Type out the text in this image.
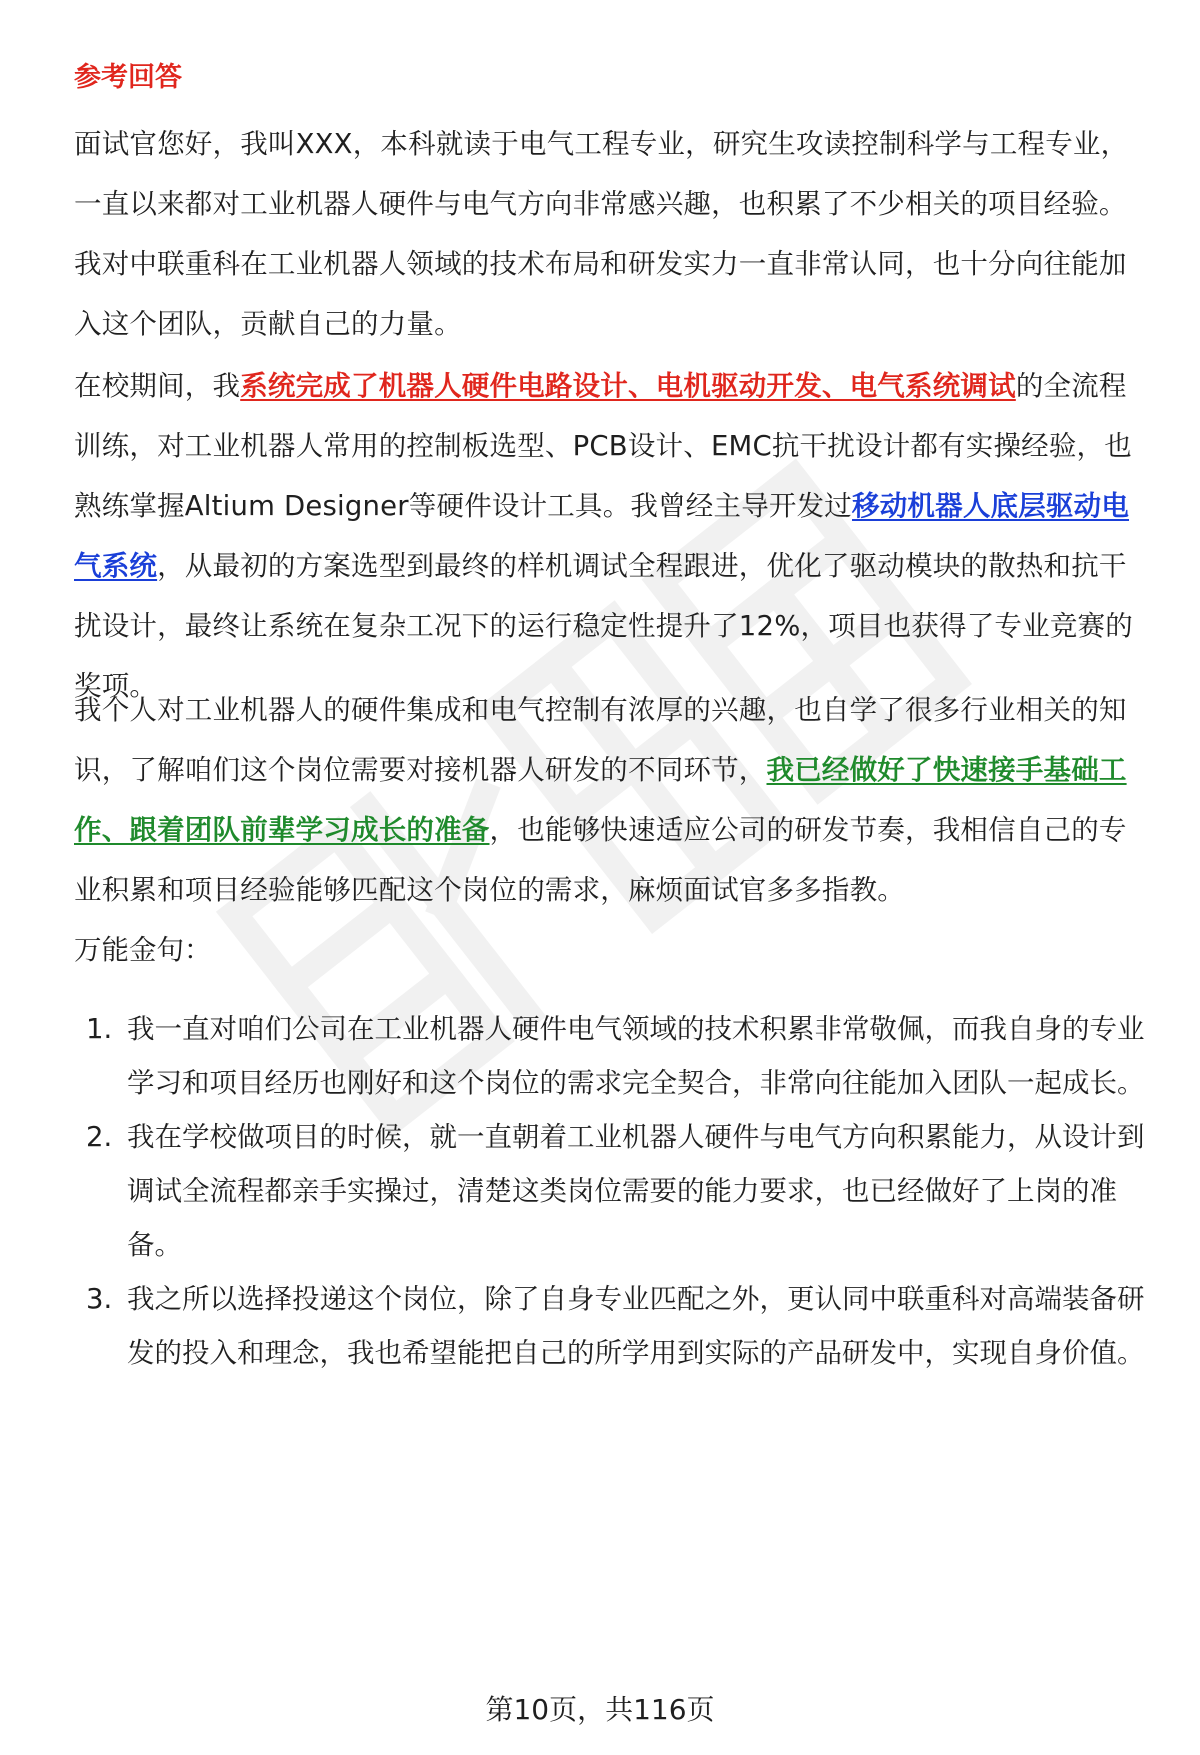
参考回答

面试官您好，我叫XXX，本科就读于电气工程专业，研究生攻读控制科学与工程专业，一直以来都对工业机器人硬件与电气方向非常感兴趣，也积累了不少相关的项目经验。我对中联重科在工业机器人领域的技术布局和研发实力一直非常认同，也十分向往能加入这个团队，贡献自己的力量。

在校期间，我系统完成了机器人硬件电路设计、电机驱动开发、电气系统调试的全流程训练，对工业机器人常用的控制板选型、PCB设计、EMC抗干扰设计都有实操经验，也熟练掌握Altium Designer等硬件设计工具。我曾经主导开发过移动机器人底层驱动电气系统，从最初的方案选型到最终的样机调试全程跟进，优化了驱动模块的散热和抗干扰设计，最终让系统在复杂工况下的运行稳定性提升了12%，项目也获得了专业竞赛的奖项。

我个人对工业机器人的硬件集成和电气控制有浓厚的兴趣，也自学了很多行业相关的知识，了解咱们这个岗位需要对接机器人研发的不同环节，我已经做好了快速接手基础工作、跟着团队前辈学习成长的准备，也能够快速适应公司的研发节奏，我相信自己的专业积累和项目经验能够匹配这个岗位的需求，麻烦面试官多多指教。

万能金句：
1. 我一直对咱们公司在工业机器人硬件电气领域的技术积累非常敬佩，而我自身的专业学习和项目经历也刚好和这个岗位的需求完全契合，非常向往能加入团队一起成长。
2. 我在学校做项目的时候，就一直朝着工业机器人硬件与电气方向积累能力，从设计到调试全流程都亲手实操过，清楚这类岗位需要的能力要求，也已经做好了上岗的准备。
3. 我之所以选择投递这个岗位，除了自身专业匹配之外，更认同中联重科对高端装备研发的投入和理念，我也希望能把自己的所学用到实际的产品研发中，实现自身价值。
第10页，共116页
